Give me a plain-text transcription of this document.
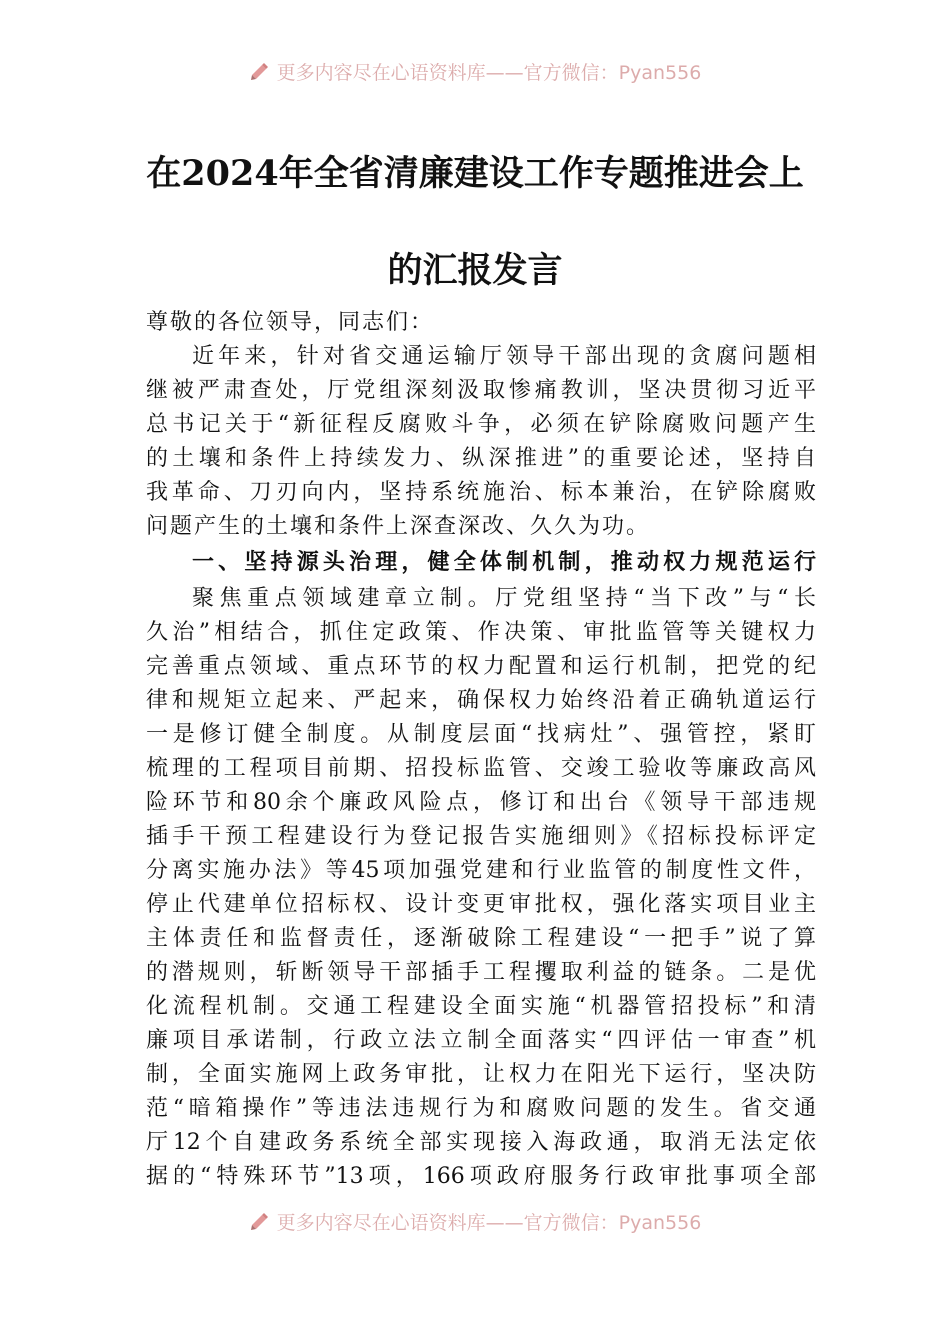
更多内容尽在心语资料库——官方微信：Pyan556
在2024年全省清廉建设工作专题推进会上
的汇报发言
尊敬的各位领导，同志们：
近年来，针对省交通运输厅领导干部出现的贪腐问题相
继被严肃查处，厅党组深刻汲取惨痛教训，坚决贯彻习近平
总书记关于“新征程反腐败斗争，必须在铲除腐败问题产生
的土壤和条件上持续发力、纵深推进”的重要论述，坚持自
我革命、刀刃向内，坚持系统施治、标本兼治，在铲除腐败
问题产生的土壤和条件上深查深改、久久为功。
一、坚持源头治理，健全体制机制，推动权力规范运行
聚焦重点领域建章立制。厅党组坚持“当下改”与“长
久治”相结合，抓住定政策、作决策、审批监管等关键权力
完善重点领域、重点环节的权力配置和运行机制，把党的纪
律和规矩立起来、严起来，确保权力始终沿着正确轨道运行
一是修订健全制度。从制度层面“找病灶”、强管控，紧盯
梳理的工程项目前期、招投标监管、交竣工验收等廉政高风
险环节和80余个廉政风险点，修订和出台《领导干部违规
插手干预工程建设行为登记报告实施细则》《招标投标评定
分离实施办法》等45项加强党建和行业监管的制度性文件，
停止代建单位招标权、设计变更审批权，强化落实项目业主
主体责任和监督责任，逐渐破除工程建设“一把手”说了算
的潜规则，斩断领导干部插手工程攫取利益的链条。二是优
化流程机制。交通工程建设全面实施“机器管招投标”和清
廉项目承诺制，行政立法立制全面落实“四评估一审查”机
制，全面实施网上政务审批，让权力在阳光下运行，坚决防
范“暗箱操作”等违法违规行为和腐败问题的发生。省交通
厅12个自建政务系统全部实现接入海政通，取消无法定依
据的“特殊环节”13项，166项政府服务行政审批事项全部
更多内容尽在心语资料库——官方微信：Pyan556
